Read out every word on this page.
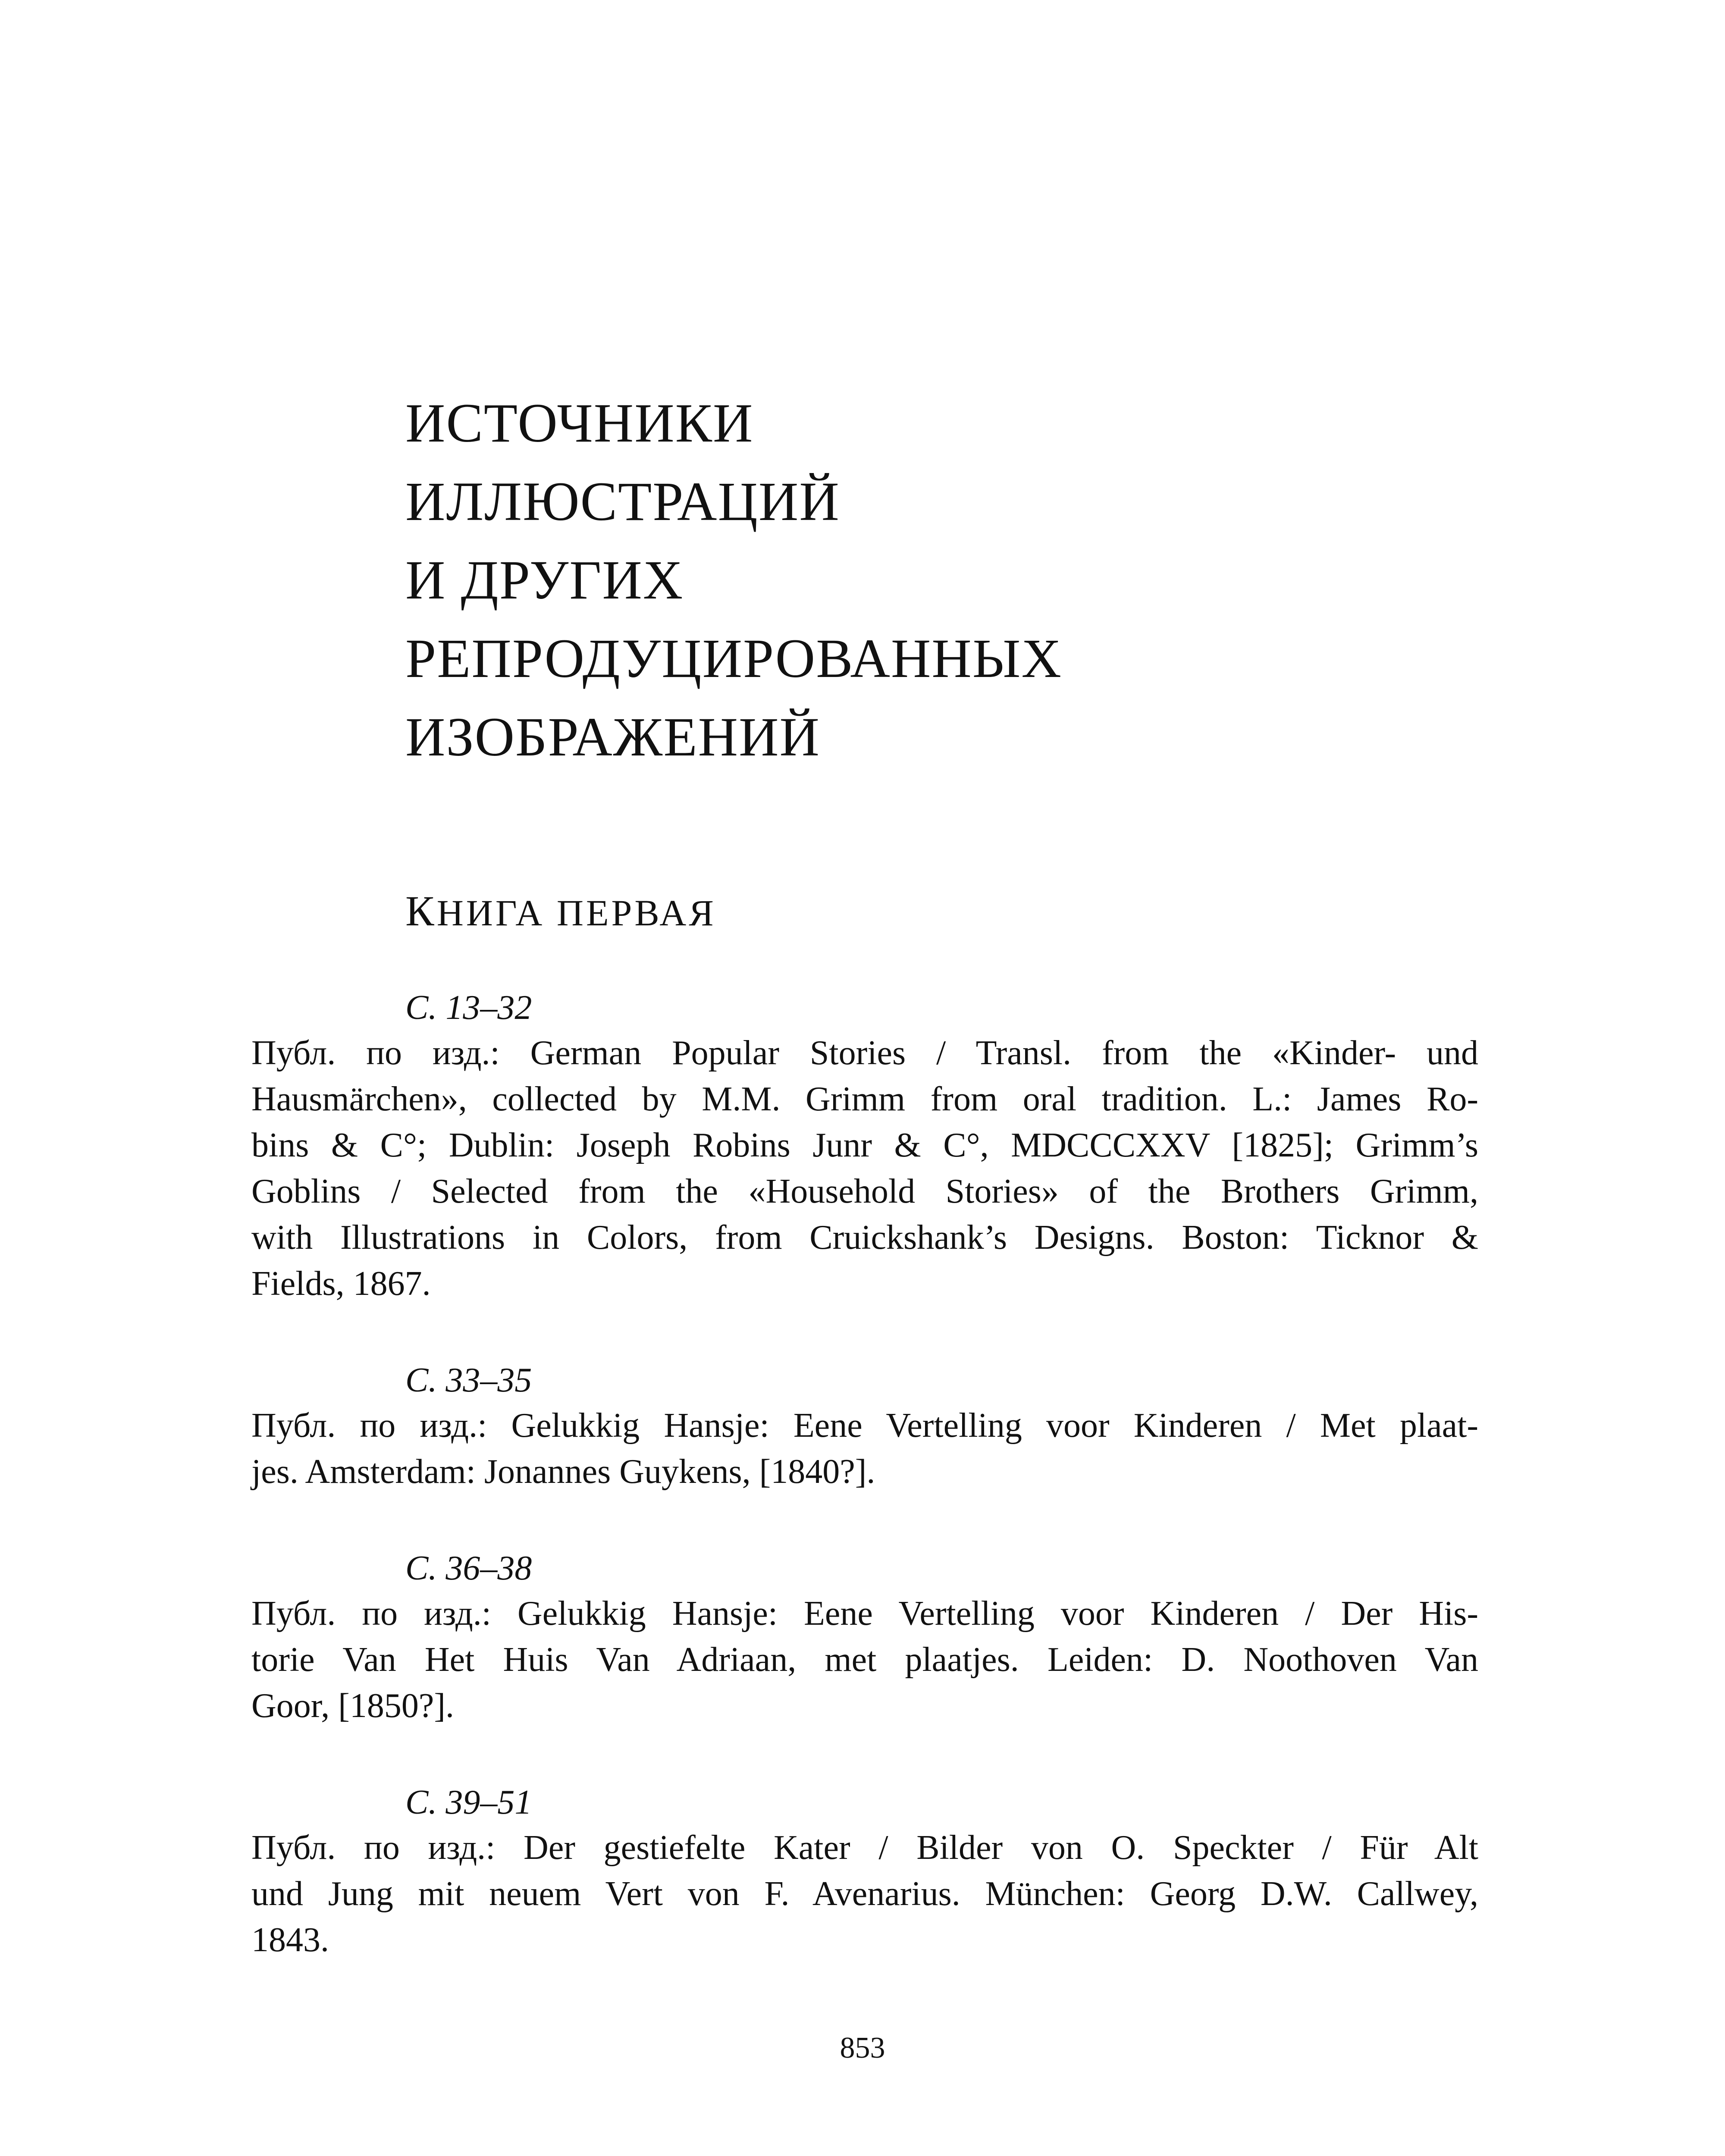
ИСТОЧНИКИ
ИЛЛЮСТРАЦИЙ
И ДРУГИХ
РЕПРОДУЦИРОВАННЫХ
ИЗОБРАЖЕНИЙ
КНИГА ПЕРВАЯ
С. 13–32
Публ. по изд.: German Popular Stories / Transl. from the «Kinder- und
Hausmärchen», collected by M.M. Grimm from oral tradition. L.: James Ro-
bins & C°; Dublin: Joseph Robins Junr & C°, MDCCCXXV [1825]; Grimm’s
Goblins / Selected from the «Household Stories» of the Brothers Grimm,
with Illustrations in Colors, from Cruickshank’s Designs. Boston: Ticknor &
Fields, 1867.
С. 33–35
Публ. по изд.: Gelukkig Hansje: Eene Vertelling voor Kinderen / Met plaat-
jes. Amsterdam: Jonannes Guykens, [1840?].
С. 36–38
Публ. по изд.: Gelukkig Hansje: Eene Vertelling voor Kinderen / Der His-
torie Van Het Huis Van Adriaan, met plaatjes. Leiden: D. Noothoven Van
Goor, [1850?].
С. 39–51
Публ. по изд.: Der gestiefelte Kater / Bilder von O. Speckter / Für Alt
und Jung mit neuem Vert von F. Avenarius. München: Georg D.W. Callwey,
1843.
853
